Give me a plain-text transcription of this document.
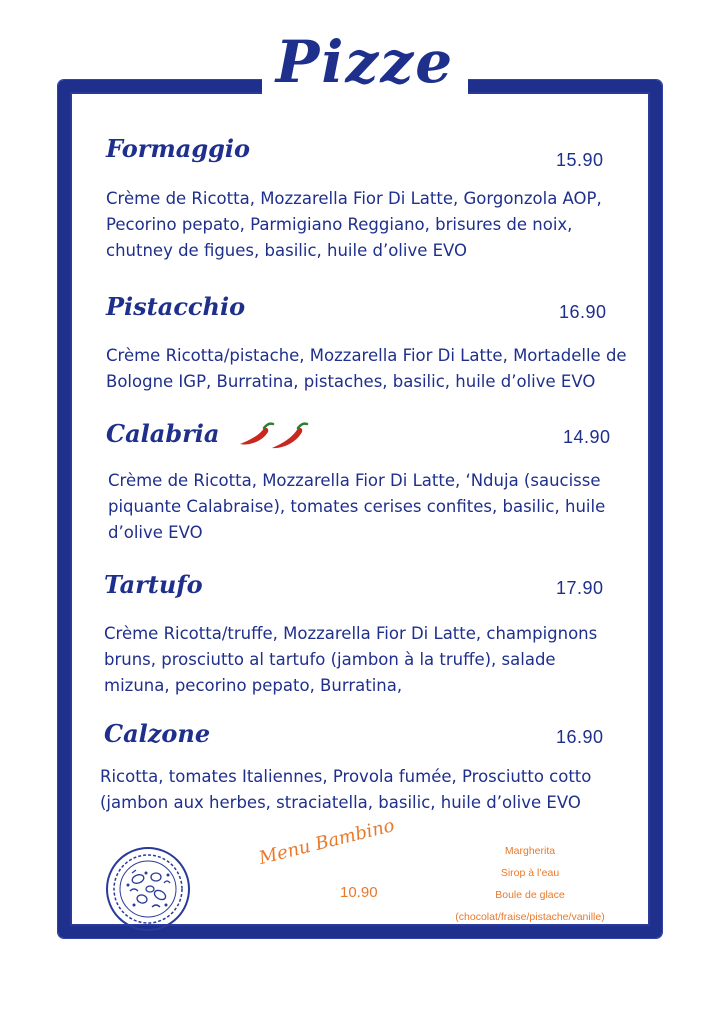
Pizze
Formaggio	15.90
Crème de Ricotta, Mozzarella Fior Di Latte, Gorgonzola AOP, Pecorino pepato, Parmigiano Reggiano, brisures de noix, chutney de figues, basilic, huile d’olive EVO
Pistacchio	16.90
Crème Ricotta/pistache, Mozzarella Fior Di Latte, Mortadelle de Bologne IGP, Burratina, pistaches, basilic, huile d’olive EVO
Calabria	14.90
Crème de Ricotta, Mozzarella Fior Di Latte, ‘Nduja (saucisse piquante Calabraise), tomates cerises confites, basilic, huile d’olive EVO
Tartufo	17.90
Crème Ricotta/truffe, Mozzarella Fior Di Latte, champignons bruns, prosciutto al tartufo (jambon à la truffe), salade mizuna, pecorino pepato, Burratina,
Calzone	16.90
Ricotta, tomates Italiennes, Provola fumée, Prosciutto cotto (jambon aux herbes, straciatella, basilic, huile d’olive EVO
Menu Bambino
10.90
Margherita
Sirop à l’eau
Boule de glace
(chocolat/fraise/pistache/vanille)
